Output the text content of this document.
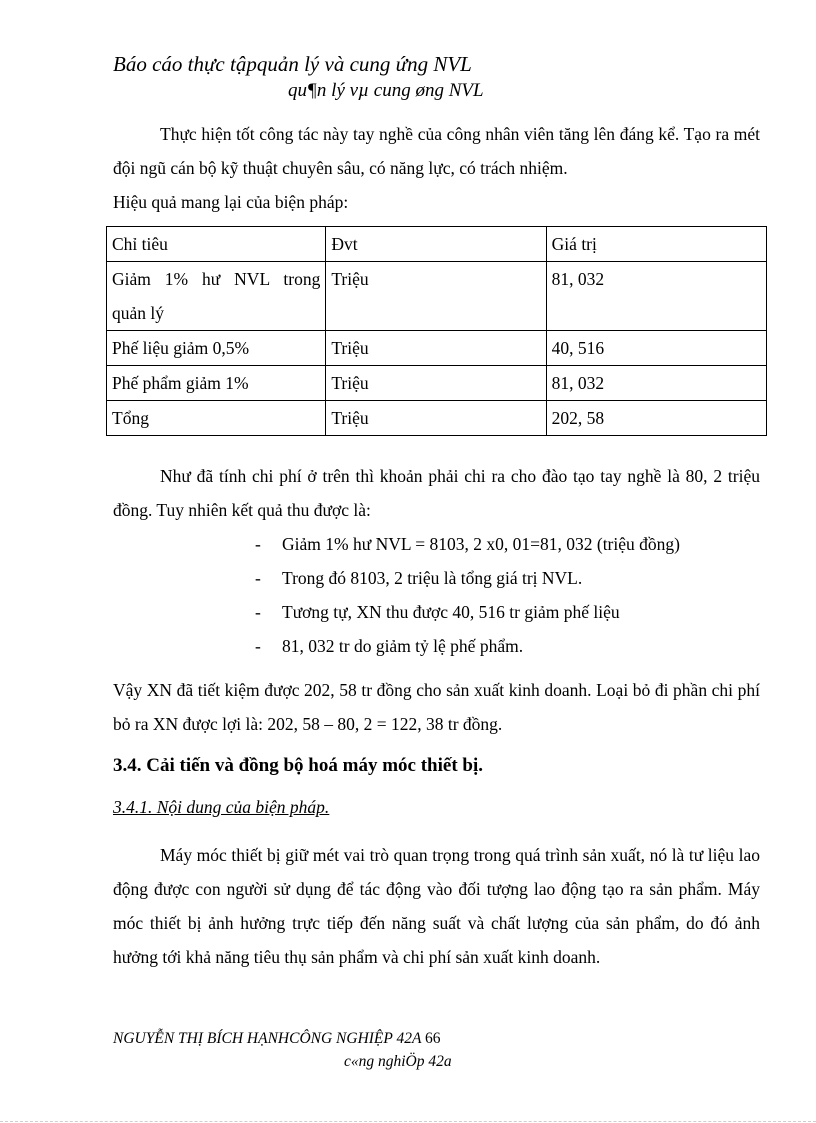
Báo cáo thực tậpquản lý và cung ứng NVL
qu¶n lý vµ cung øng NVL
Thực hiện tốt công tác này tay nghề của công nhân viên tăng lên đáng kể. Tạo ra mét đội ngũ cán bộ kỹ thuật chuyên sâu, có năng lực, có trách nhiệm.
Hiệu quả mang lại của biện pháp:
Chỉ tiêu	Đvt	Giá trị

Giảm 1% hư NVL trong
quản lý	Triệu	81, 032
Phế liệu giảm 0,5%	Triệu	40, 516
Phế phẩm giảm 1%	Triệu	81, 032
Tổng	Triệu	202, 58
Như đã tính chi phí ở trên thì khoản phải chi ra cho đào tạo tay nghề là 80, 2 triệu đồng. Tuy nhiên kết quả thu được là:
- Giảm 1% hư NVL = 8103, 2 x0, 01=81, 032 (triệu đồng)
- Trong đó 8103, 2 triệu là tổng giá trị NVL.
- Tương tự, XN thu được 40, 516 tr giảm phế liệu
- 81, 032 tr do giảm tỷ lệ phế phẩm.
Vậy XN đã tiết kiệm được 202, 58 tr đồng cho sản xuất kinh doanh. Loại bỏ đi phần chi phí bỏ ra XN được lợi là: 202, 58 – 80, 2 = 122, 38 tr đồng.
3.4. Cải tiến và đồng bộ hoá máy móc thiết bị.
3.4.1. Nội dung của biện pháp.
Máy móc thiết bị giữ mét vai trò quan trọng trong quá trình sản xuất, nó là tư liệu lao động được con người sử dụng để tác động vào đối tượng lao động tạo ra sản phẩm. Máy móc thiết bị ảnh hưởng trực tiếp đến năng suất và chất lượng của sản phẩm, do đó ảnh hưởng tới khả năng tiêu thụ sản phẩm và chi phí sản xuất kinh doanh.
NGUYỄN THỊ BÍCH HẠNHCÔNG NGHIỆP 42A 66
c«ng nghiÖp 42a
